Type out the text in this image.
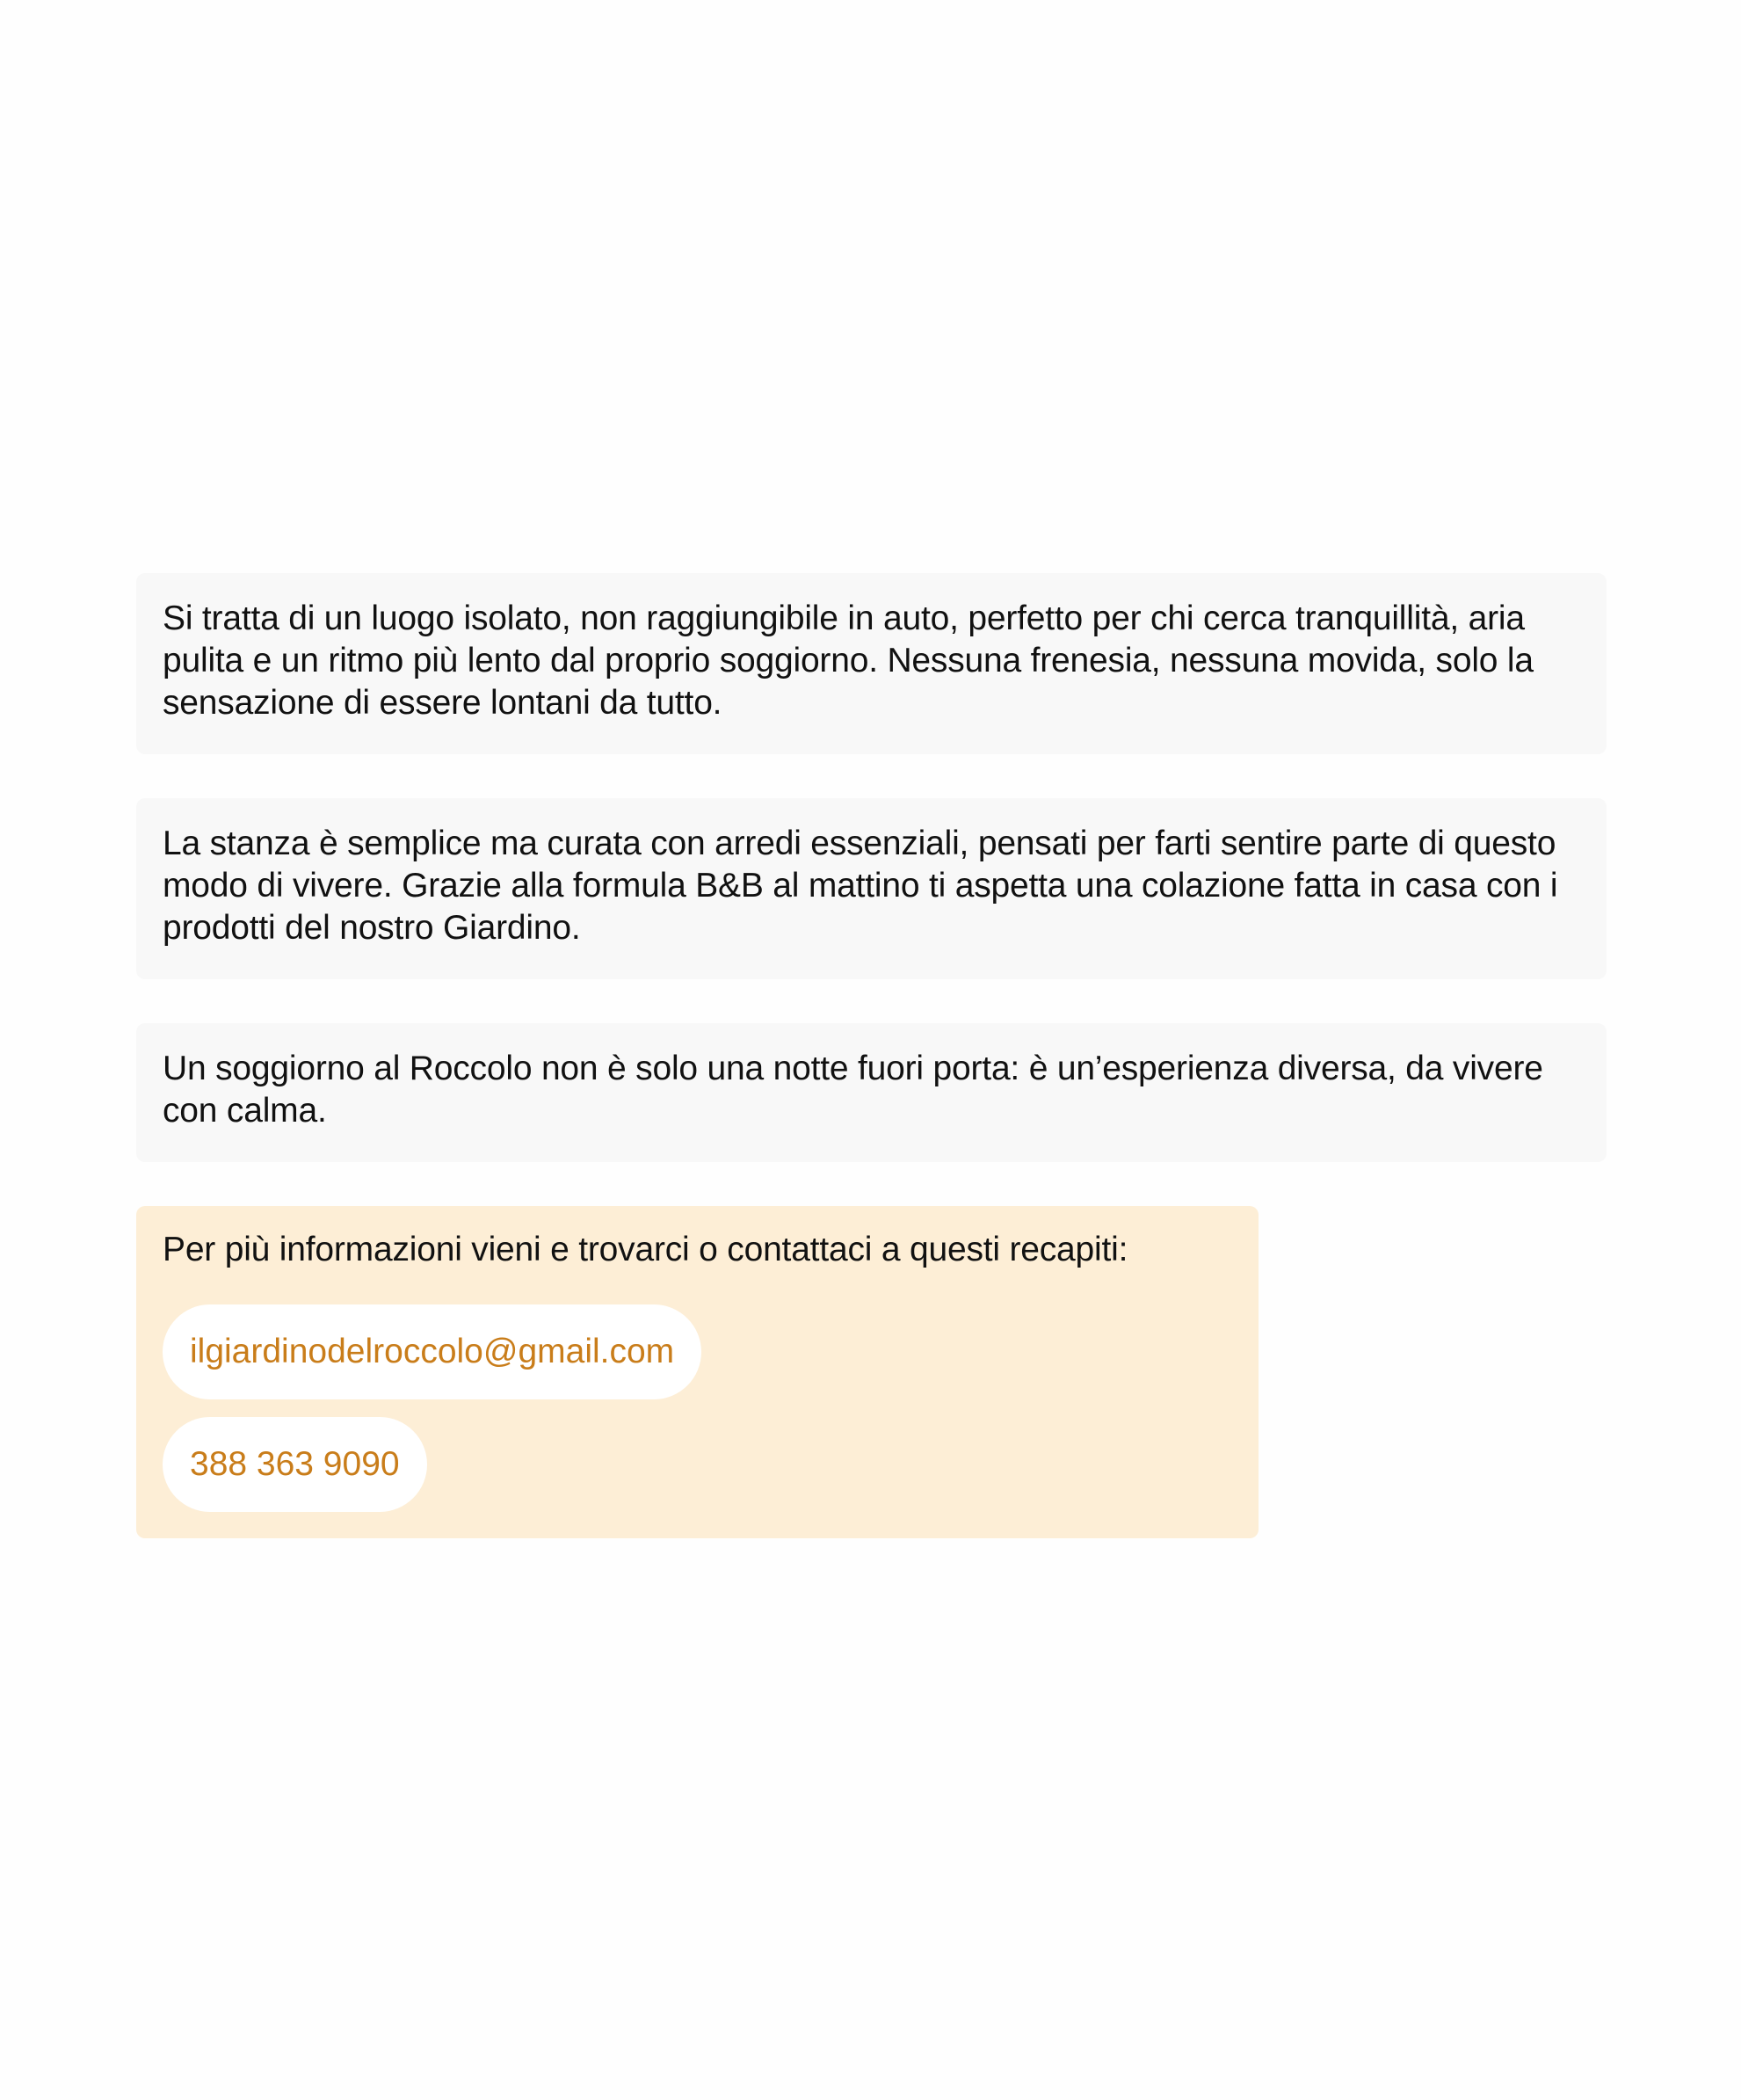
Si tratta di un luogo isolato, non raggiungibile in auto, perfetto per chi cerca tranquillità, aria pulita e un ritmo più lento dal proprio soggiorno. Nessuna frenesia, nessuna movida, solo la sensazione di essere lontani da tutto.

La stanza è semplice ma curata con arredi essenziali, pensati per farti sentire parte di questo modo di vivere. Grazie alla formula B&B al mattino ti aspetta una colazione fatta in casa con i prodotti del nostro Giardino.

Un soggiorno al Roccolo non è solo una notte fuori porta: è un’esperienza diversa, da vivere con calma.

Per più informazioni vieni e trovarci o contattaci a questi recapiti:

ilgiardinodelroccolo@gmail.com
388 363 9090
